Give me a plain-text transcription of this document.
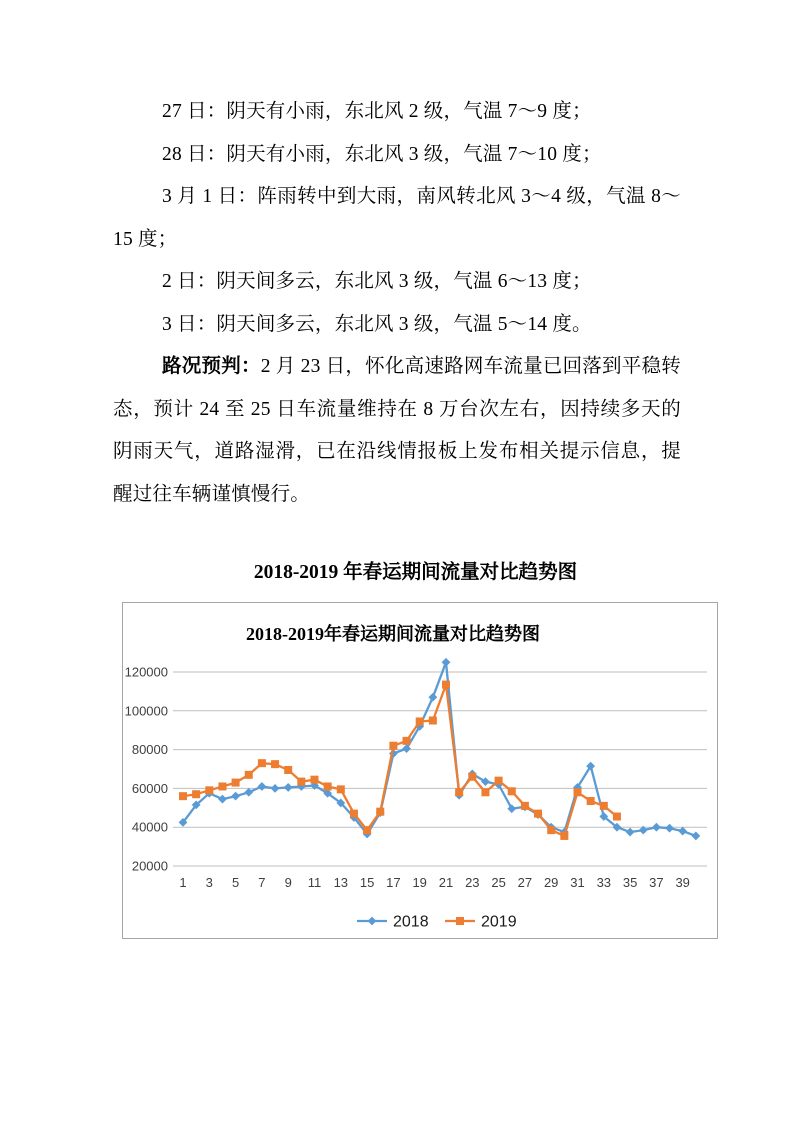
27 日：阴天有小雨，东北风 2 级，气温 7～9 度；

28 日：阴天有小雨，东北风 3 级，气温 7～10 度；

3 月 1 日：阵雨转中到大雨，南风转北风 3～4 级，气温 8～15 度；

2 日：阴天间多云，东北风 3 级，气温 6～13 度；

3 日：阴天间多云，东北风 3 级，气温 5～14 度。

路况预判：2 月 23 日，怀化高速路网车流量已回落到平稳转态，预计 24 至 25 日车流量维持在 8 万台次左右，因持续多天的阴雨天气，道路湿滑，已在沿线情报板上发布相关提示信息，提醒过往车辆谨慎慢行。

2018-2019 年春运期间流量对比趋势图
20000
40000
60000
80000
100000
120000
1 3 5 7 9 11 13 15 17 19 21 23 25 27 29 31 33 35 37 39
2018-2019年春运期间流量对比趋势图
2018	2019
